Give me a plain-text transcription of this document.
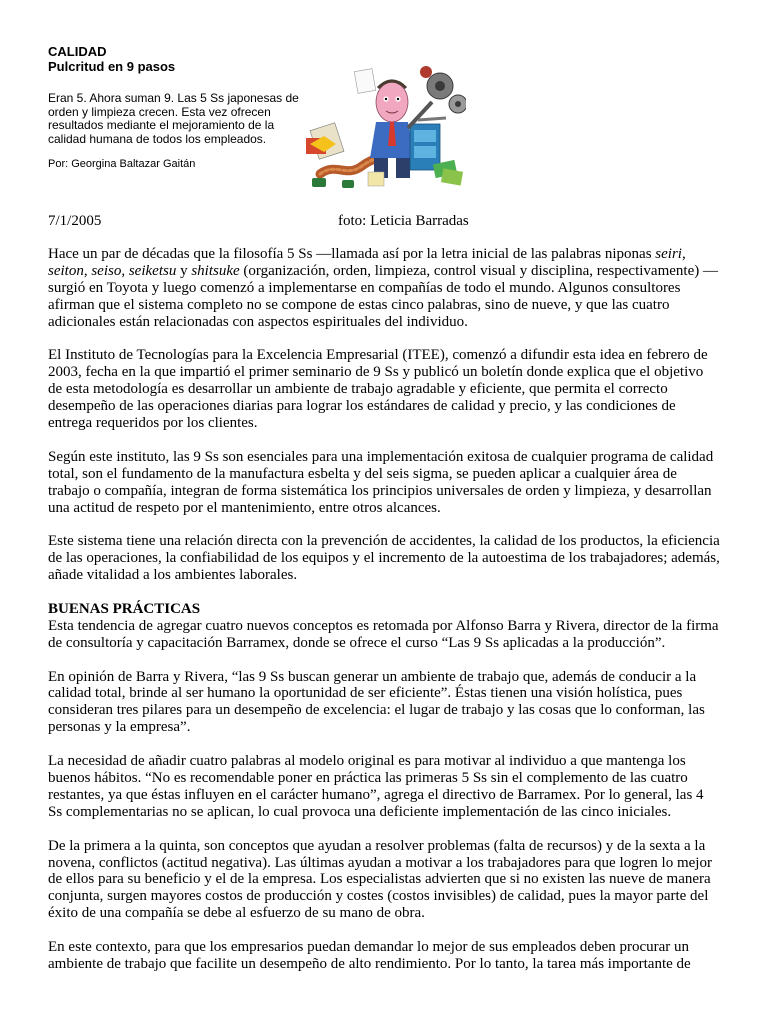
CALIDAD
Pulcritud en 9 pasos
Eran 5. Ahora suman 9. Las 5 Ss japonesas de orden y limpieza crecen. Esta vez ofrecen resultados mediante el mejoramiento de la calidad humana de todos los empleados.
Por: Georgina Baltazar Gaitán
7/1/2005	foto: Leticia Barradas

Hace un par de décadas que la filosofía 5 Ss —llamada así por la letra inicial de las palabras niponas seiri, seiton, seiso, seiketsu y shitsuke (organización, orden, limpieza, control visual y disciplina, respectivamente) — surgió en Toyota y luego comenzó a implementarse en compañías de todo el mundo. Algunos consultores afirman que el sistema completo no se compone de estas cinco palabras, sino de nueve, y que las cuatro adicionales están relacionadas con aspectos espirituales del individuo.

El Instituto de Tecnologías para la Excelencia Empresarial (ITEE), comenzó a difundir esta idea en febrero de 2003, fecha en la que impartió el primer seminario de 9 Ss y publicó un boletín donde explica que el objetivo de esta metodología es desarrollar un ambiente de trabajo agradable y eficiente, que permita el correcto desempeño de las operaciones diarias para lograr los estándares de calidad y precio, y las condiciones de entrega requeridos por los clientes.

Según este instituto, las 9 Ss son esenciales para una implementación exitosa de cualquier programa de calidad total, son el fundamento de la manufactura esbelta y del seis sigma, se pueden aplicar a cualquier área de trabajo o compañía, integran de forma sistemática los principios universales de orden y limpieza, y desarrollan una actitud de respeto por el mantenimiento, entre otros alcances.

Este sistema tiene una relación directa con la prevención de accidentes, la calidad de los productos, la eficiencia de las operaciones, la confiabilidad de los equipos y el incremento de la autoestima de los trabajadores; además, añade vitalidad a los ambientes laborales.

BUENAS PRÁCTICAS

Esta tendencia de agregar cuatro nuevos conceptos es retomada por Alfonso Barra y Rivera, director de la firma de consultoría y capacitación Barramex, donde se ofrece el curso “Las 9 Ss aplicadas a la producción”.

En opinión de Barra y Rivera, “las 9 Ss buscan generar un ambiente de trabajo que, además de conducir a la calidad total, brinde al ser humano la oportunidad de ser eficiente”. Éstas tienen una visión holística, pues consideran tres pilares para un desempeño de excelencia: el lugar de trabajo y las cosas que lo conforman, las personas y la empresa”.

La necesidad de añadir cuatro palabras al modelo original es para motivar al individuo a que mantenga los buenos hábitos. “No es recomendable poner en práctica las primeras 5 Ss sin el complemento de las cuatro restantes, ya que éstas influyen en el carácter humano”, agrega el directivo de Barramex. Por lo general, las 4 Ss complementarias no se aplican, lo cual provoca una deficiente implementación de las cinco iniciales.

De la primera a la quinta, son conceptos que ayudan a resolver problemas (falta de recursos) y de la sexta a la novena, conflictos (actitud negativa). Las últimas ayudan a motivar a los trabajadores para que logren lo mejor de ellos para su beneficio y el de la empresa. Los especialistas advierten que si no existen las nueve de manera conjunta, surgen mayores costos de producción y costes (costos invisibles) de calidad, pues la mayor parte del éxito de una compañía se debe al esfuerzo de su mano de obra.

En este contexto, para que los empresarios puedan demandar lo mejor de sus empleados deben procurar un ambiente de trabajo que facilite un desempeño de alto rendimiento. Por lo tanto, la tarea más importante de
